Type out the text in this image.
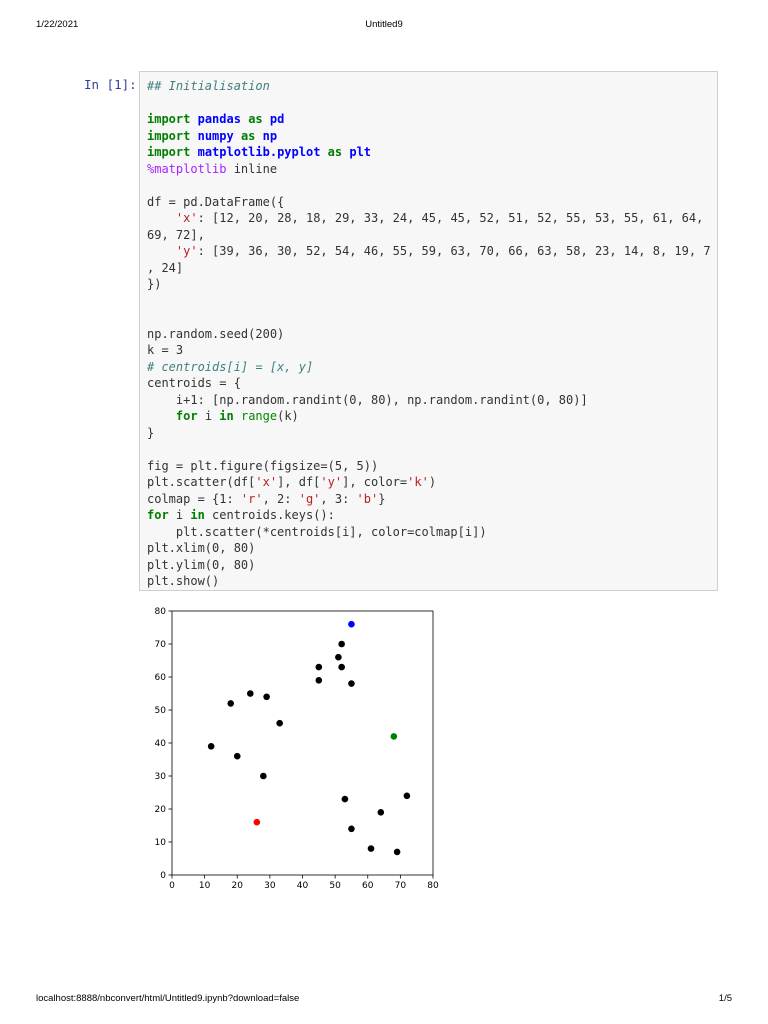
1/22/2021	Untitled9
In [1]: ## Initialisation
import pandas as pd
import numpy as np
import matplotlib.pyplot as plt
%matplotlib inline
df = pd.DataFrame({
'x': [12, 20, 28, 18, 29, 33, 24, 45, 45, 52, 51, 52, 55, 53, 55, 61, 64,
69, 72],
'y': [39, 36, 30, 52, 54, 46, 55, 59, 63, 70, 66, 63, 58, 23, 14, 8, 19, 7
, 24]
})
np.random.seed(200)
k = 3
# centroids[i] = [x, y]
centroids = {
i+1: [np.random.randint(0, 80), np.random.randint(0, 80)]
for i in range(k)
}
fig = plt.figure(figsize=(5, 5))
plt.scatter(df['x'], df['y'], color='k')
colmap = {1: 'r', 2: 'g', 3: 'b'}
for i in centroids.keys():
plt.scatter(*centroids[i], color=colmap[i])
plt.xlim(0, 80)
plt.ylim(0, 80)
plt.show()
0	10 20 30 40 50 60 70 80
0
10
20
30
40
50
60
70
80
localhost:8888/nbconvert/html/Untitled9.ipynb?download=false	1/5
